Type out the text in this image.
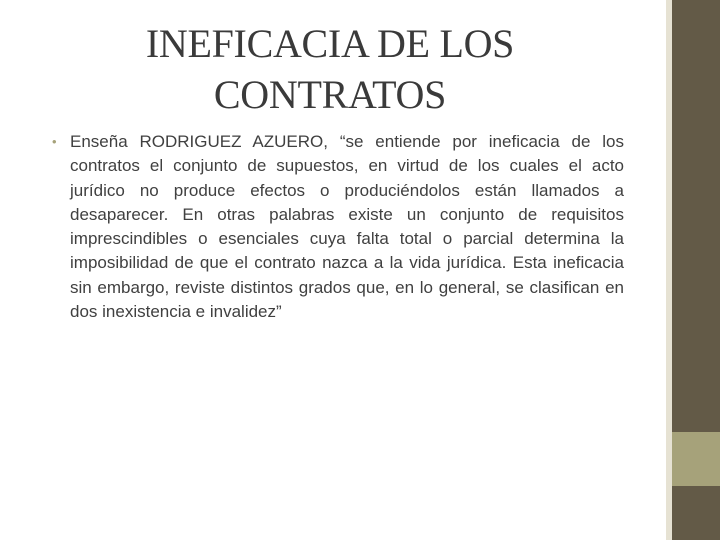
INEFICACIA DE LOS CONTRATOS
• Enseña RODRIGUEZ AZUERO, “se entiende por ineficacia de los contratos el conjunto de supuestos, en virtud de los cuales el acto jurídico no produce efectos o produciéndolos están llamados a desaparecer. En otras palabras existe un conjunto de requisitos imprescindibles o esenciales cuya falta total o parcial determina la imposibilidad de que el contrato nazca a la vida jurídica. Esta ineficacia sin embargo, reviste distintos grados que, en lo general, se clasifican en dos inexistencia e invalidez”
